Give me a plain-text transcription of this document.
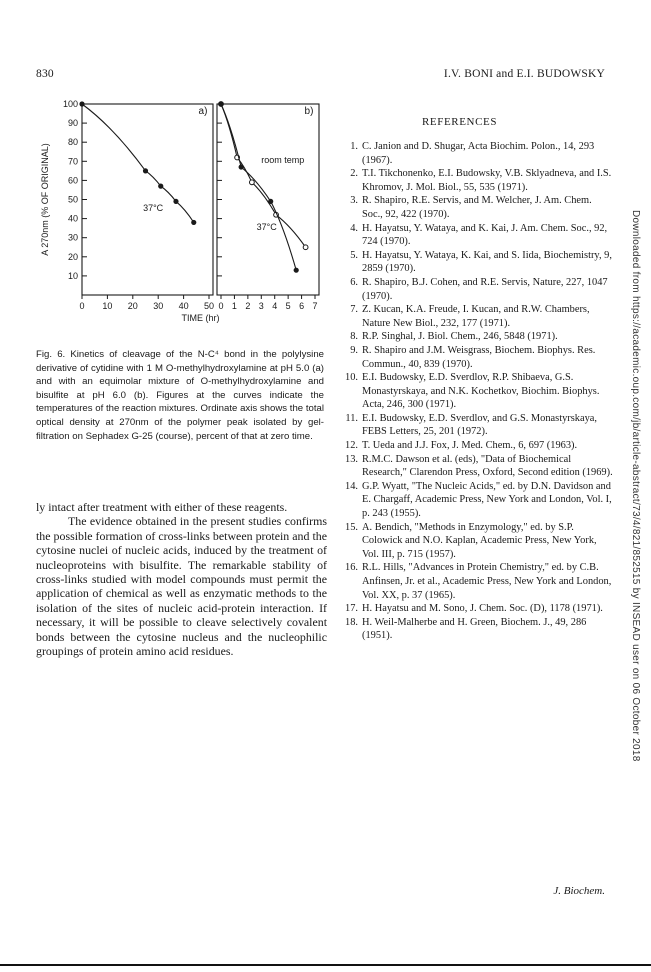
830	I.V. BONI and E.I. BUDOWSKY
100
90
80
70
60
50
40
30
20
10
0 10 20 30 40 50 0 1 2 3 4 5 6 7
a)	b)
37°C
room temp
37°C
TIME (hr)
A 270nm (% OF ORIGINAL)
Fig. 6. Kinetics of cleavage of the N-C⁴ bond in the polylysine derivative of cytidine with 1 M O-methylhydroxylamine at pH 5.0 (a) and with an equimolar mixture of O-methylhydroxylamine and bisulfite at pH 6.0 (b). Figures at the curves indicate the temperatures of the reaction mixtures. Ordinate axis shows the total optical density at 270nm of the polymer peak isolated by gel-filtration on Sephadex G-25 (course), percent of that at zero time.

ly intact after treatment with either of these reagents.

The evidence obtained in the present studies confirms the possible formation of cross-links between protein and the cytosine nuclei of nucleic acids, induced by the treatment of nucleoproteins with bisulfite. The remarkable stability of cross-links studied with model compounds must permit the application of chemical as well as enzymatic methods to the isolation of the sites of nucleic acid-protein interaction. If necessary, it will be possible to cleave selectively covalent bonds between the cytosine nucleus and the nucleophilic groupings of protein amino acid residues.

REFERENCES
1. C. Janion and D. Shugar, Acta Biochim. Polon., 14, 293 (1967).
2. T.I. Tikchonenko, E.I. Budowsky, V.B. Sklyadneva, and I.S. Khromov, J. Mol. Biol., 55, 535 (1971).
3. R. Shapiro, R.E. Servis, and M. Welcher, J. Am. Chem. Soc., 92, 422 (1970).
4. H. Hayatsu, Y. Wataya, and K. Kai, J. Am. Chem. Soc., 92, 724 (1970).
5. H. Hayatsu, Y. Wataya, K. Kai, and S. Iida, Biochemistry, 9, 2859 (1970).
6. R. Shapiro, B.J. Cohen, and R.E. Servis, Nature, 227, 1047 (1970).
7. Z. Kucan, K.A. Freude, I. Kucan, and R.W. Chambers, Nature New Biol., 232, 177 (1971).
8. R.P. Singhal, J. Biol. Chem., 246, 5848 (1971).
9. R. Shapiro and J.M. Weisgrass, Biochem. Biophys. Res. Commun., 40, 839 (1970).
10. E.I. Budowsky, E.D. Sverdlov, R.P. Shibaeva, G.S. Monastyrskaya, and N.K. Kochetkov, Biochim. Biophys. Acta, 246, 300 (1971).
11. E.I. Budowsky, E.D. Sverdlov, and G.S. Monastyrskaya, FEBS Letters, 25, 201 (1972).
12. T. Ueda and J.J. Fox, J. Med. Chem., 6, 697 (1963).
13. R.M.C. Dawson et al. (eds), "Data of Biochemical Research," Clarendon Press, Oxford, Second edition (1969).
14. G.P. Wyatt, "The Nucleic Acids," ed. by D.N. Davidson and E. Chargaff, Academic Press, New York and London, Vol. I, p. 243 (1955).
15. A. Bendich, "Methods in Enzymology," ed. by S.P. Colowick and N.O. Kaplan, Academic Press, New York, Vol. III, p. 715 (1957).
16. R.L. Hills, "Advances in Protein Chemistry," ed. by C.B. Anfinsen, Jr. et al., Academic Press, New York and London, Vol. XX, p. 37 (1965).
17. H. Hayatsu and M. Sono, J. Chem. Soc. (D), 1178 (1971).
18. H. Weil-Malherbe and H. Green, Biochem. J., 49, 286 (1951).	Downloaded from https://academic.oup.com/jb/article-abstract/73/4/821/852515 by INSEAD user on 06 October 2018
J. Biochem.
